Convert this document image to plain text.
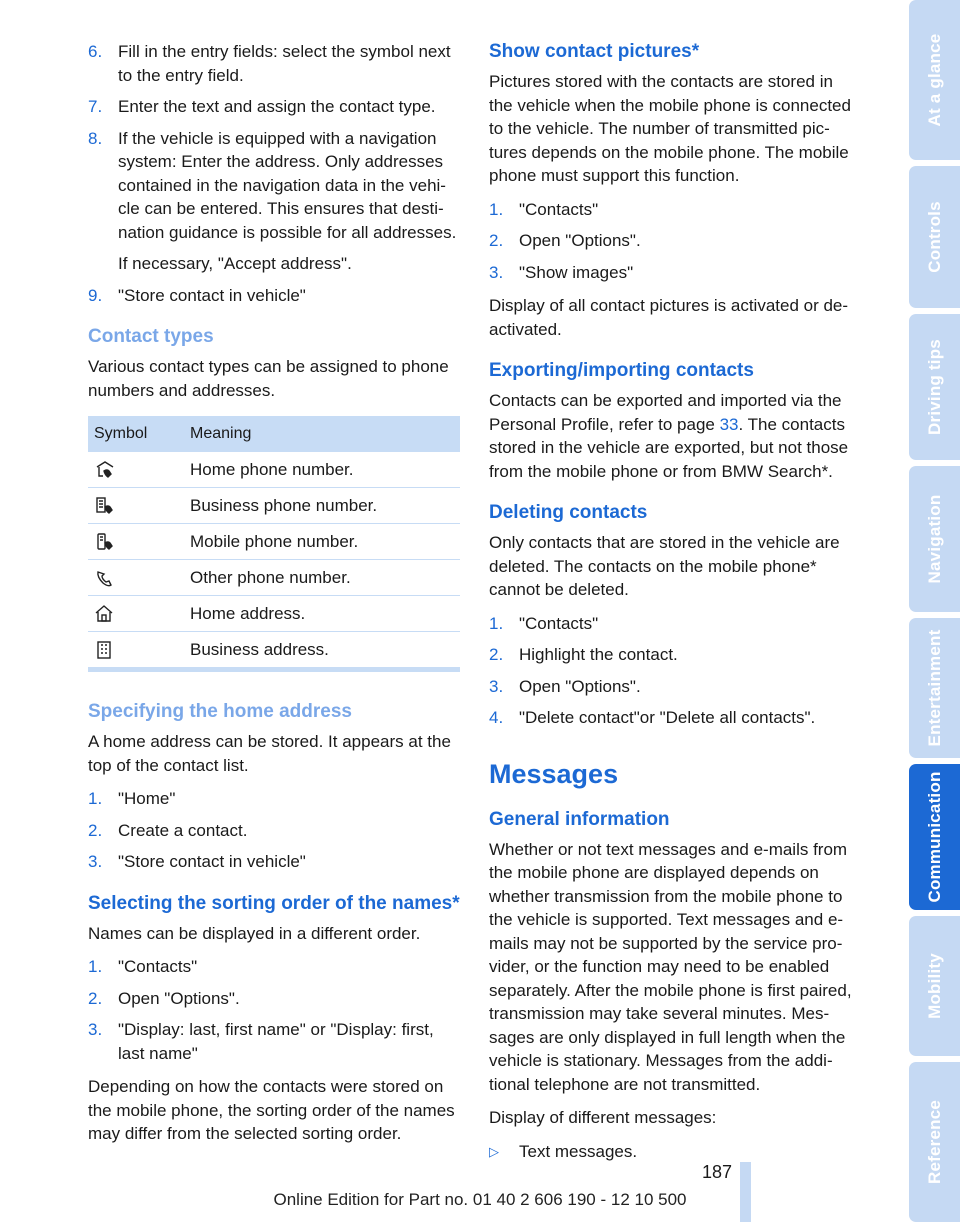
6. Fill in the entry fields: select the symbol next to the entry field.
7. Enter the text and assign the contact type.
8. If the vehicle is equipped with a navigation system: Enter the address. Only addresses contained in the navigation data in the vehicle can be entered. This ensures that destination guidance is possible for all addresses.
If necessary, "Accept address".
9. "Store contact in vehicle"
Contact types

Various contact types can be assigned to phone numbers and addresses.

Symbol	Meaning

	Home phone number.

	Business phone number.

	Mobile phone number.

	Other phone number.

	Home address.

	Business address.
Specifying the home address

A home address can be stored. It appears at the top of the contact list.

1. "Home"
2. Create a contact.
3. "Store contact in vehicle"
Selecting the sorting order of the names*

Names can be displayed in a different order.

1. "Contacts"
2. Open "Options".
3. "Display: last, first name" or "Display: first, last name"

Depending on how the contacts were stored on the mobile phone, the sorting order of the names may differ from the selected sorting order.

Show contact pictures*

Pictures stored with the contacts are stored in the vehicle when the mobile phone is connected to the vehicle. The number of transmitted pictures depends on the mobile phone. The mobile phone must support this function.

1. "Contacts"
2. Open "Options".
3. "Show images"

Display of all contact pictures is activated or deactivated.

Exporting/importing contacts

Contacts can be exported and imported via the Personal Profile, refer to page 33. The contacts stored in the vehicle are exported, but not those from the mobile phone or from BMW Search*.

Deleting contacts

Only contacts that are stored in the vehicle are deleted. The contacts on the mobile phone* cannot be deleted.

1. "Contacts"
2. Highlight the contact.
3. Open "Options".
4. "Delete contact"or "Delete all contacts".
Messages
General information

Whether or not text messages and e-mails from the mobile phone are displayed depends on whether transmission from the mobile phone to the vehicle is supported. Text messages and e-mails may not be supported by the service provider, or the function may need to be enabled separately. After the mobile phone is first paired, transmission may take several minutes. Messages are only displayed in full length when the vehicle is stationary. Messages from the additional telephone are not transmitted.

Display of different messages:

▷ Text messages.
At a glance
Controls
Driving tips
Navigation
Entertainment
Communication
Mobility
Reference
187
Online Edition for Part no. 01 40 2 606 190 - 12 10 500
